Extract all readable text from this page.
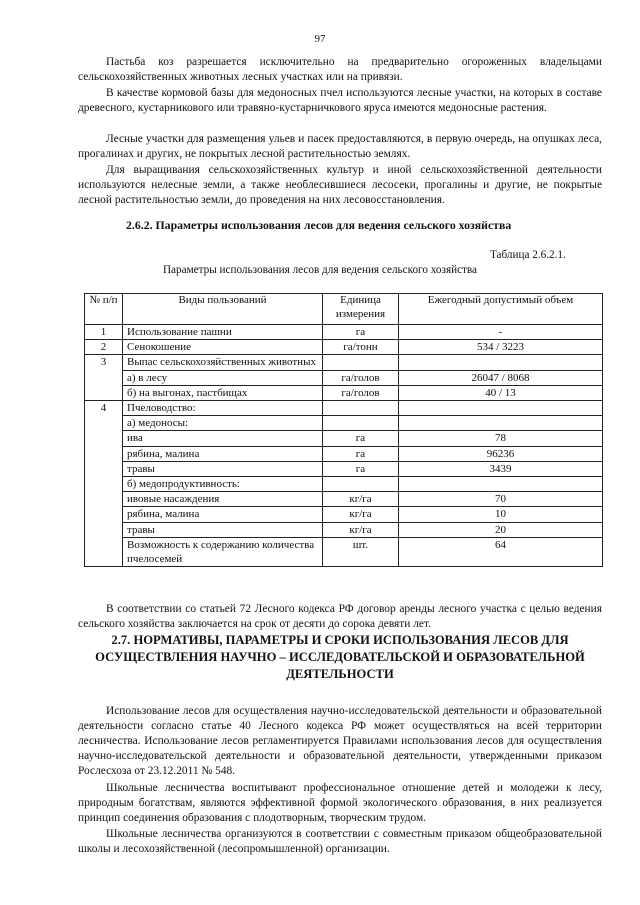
97

Пастьба коз разрешается исключительно на предварительно огороженных владельцами сельскохозяйственных животных лесных участках или на привязи.

В качестве кормовой базы для медоносных пчел используются лесные участки, на которых в составе древесного, кустарникового или травяно-кустарничкового яруса имеются медоносные растения.

Лесные участки для размещения ульев и пасек предоставляются, в первую очередь, на опушках леса, прогалинах и других, не покрытых лесной растительностью землях.

Для выращивания сельскохозяйственных культур и иной сельскохозяйственной деятельности используются нелесные земли, а также необлесившиеся лесосеки, прогалины и другие, не покрытые лесной растительностью земли, до проведения на них лесовосстановления.

2.6.2. Параметры использования лесов для ведения сельского хозяйства

Таблица 2.6.2.1.
Параметры использования лесов для ведения сельского хозяйства
№ п/п	Виды пользований	Единица измерения	Ежегодный допустимый объем
1	Использование пашни	га	-
2	Сенокошение	га/тонн	534 / 3223
3	Выпас сельскохозяйственных животных		
	а) в лесу	га/голов	26047 / 8068
	б) на выгонах, пастбищах	га/голов	40 / 13
4	Пчеловодство:		
	а) медоносы:		
	ива	га	78
	рябина, малина	га	96236
	травы	га	3439
	б) медопродуктивность:		
	ивовые насаждения	кг/га	70
	рябина, малина	кг/га	10
	травы	кг/га	20
	Возможность к содержанию количества пчелосемей	шт.	64

В соответствии со статьей 72 Лесного кодекса РФ договор аренды лесного участка с целью ведения сельского хозяйства заключается на срок от десяти до сорока девяти лет.

2.7. НОРМАТИВЫ, ПАРАМЕТРЫ И СРОКИ ИСПОЛЬЗОВАНИЯ ЛЕСОВ ДЛЯ ОСУЩЕСТВЛЕНИЯ НАУЧНО – ИССЛЕДОВАТЕЛЬСКОЙ И ОБРАЗОВАТЕЛЬНОЙ ДЕЯТЕЛЬНОСТИ

Использование лесов для осуществления научно-исследовательской деятельности и образовательной деятельности согласно статье 40 Лесного кодекса РФ может осуществляться на всей территории лесничества. Использование лесов регламентируется Правилами использования лесов для осуществления научно-исследовательской деятельности и образовательной деятельности, утвержденными приказом Рослесхоза от 23.12.2011 № 548.

Школьные лесничества воспитывают профессиональное отношение детей и молодежи к лесу, природным богатствам, являются эффективной формой экологического образования, в них реализуется принцип соединения образования с плодотворным, творческим трудом.

Школьные лесничества организуются в соответствии с совместным приказом общеобразовательной школы и лесохозяйственной (лесопромышленной) организации.
